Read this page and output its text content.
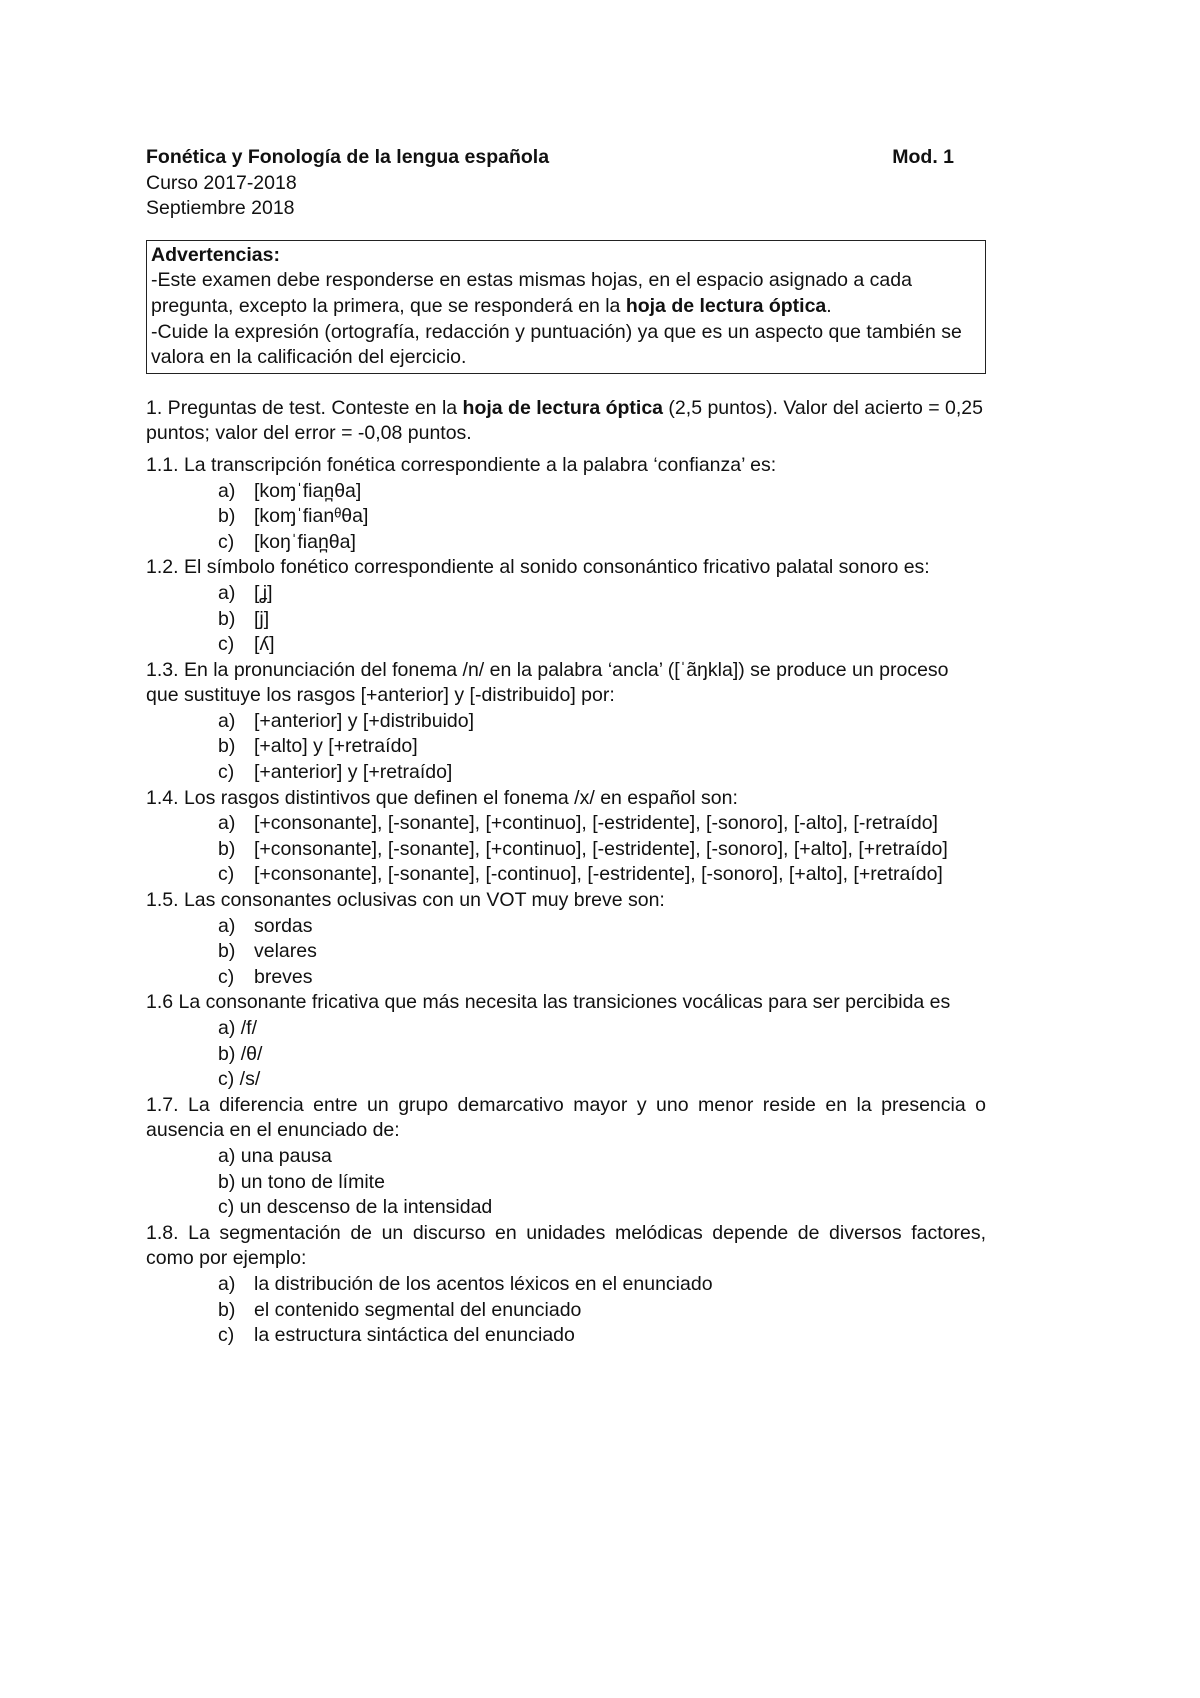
Fonética y Fonología de la lengua española	Mod. 1
Curso 2017-2018
Septiembre 2018
Advertencias:
-Este examen debe responderse en estas mismas hojas, en el espacio asignado a cada pregunta, excepto la primera, que se responderá en la hoja de lectura óptica.
-Cuide la expresión (ortografía, redacción y puntuación) ya que es un aspecto que también se valora en la calificación del ejercicio.
1. Preguntas de test. Conteste en la hoja de lectura óptica (2,5 puntos). Valor del acierto = 0,25 puntos; valor del error = -0,08 puntos.
1.1. La transcripción fonética correspondiente a la palabra ‘confianza’ es:
a) [koɱˈfian̪θa]
b) [koɱˈfianᶿθa]
c) [koŋˈfian̪θa]
1.2. El símbolo fonético correspondiente al sonido consonántico fricativo palatal sonoro es:
a) [ʝ]
b) [j]
c) [ʎ]
1.3. En la pronunciación del fonema /n/ en la palabra ‘ancla’ ([ˈãŋkla]) se produce un proceso que sustituye los rasgos [+anterior] y [-distribuido] por:
a) [+anterior] y [+distribuido]
b) [+alto] y [+retraído]
c) [+anterior] y [+retraído]
1.4. Los rasgos distintivos que definen el fonema /x/ en español son:
a) [+consonante], [-sonante], [+continuo], [-estridente], [-sonoro], [-alto], [-retraído]
b) [+consonante], [-sonante], [+continuo], [-estridente], [-sonoro], [+alto], [+retraído]
c) [+consonante], [-sonante], [-continuo], [-estridente], [-sonoro], [+alto], [+retraído]
1.5. Las consonantes oclusivas con un VOT muy breve son:
a) sordas
b) velares
c) breves
1.6 La consonante fricativa que más necesita las transiciones vocálicas para ser percibida es
a) /f/
b) /θ/
c) /s/
1.7. La diferencia entre un grupo demarcativo mayor y uno menor reside en la presencia o ausencia en el enunciado de:
a) una pausa
b) un tono de límite
c) un descenso de la intensidad
1.8. La segmentación de un discurso en unidades melódicas depende de diversos factores, como por ejemplo:
a) la distribución de los acentos léxicos en el enunciado
b) el contenido segmental del enunciado
c) la estructura sintáctica del enunciado
